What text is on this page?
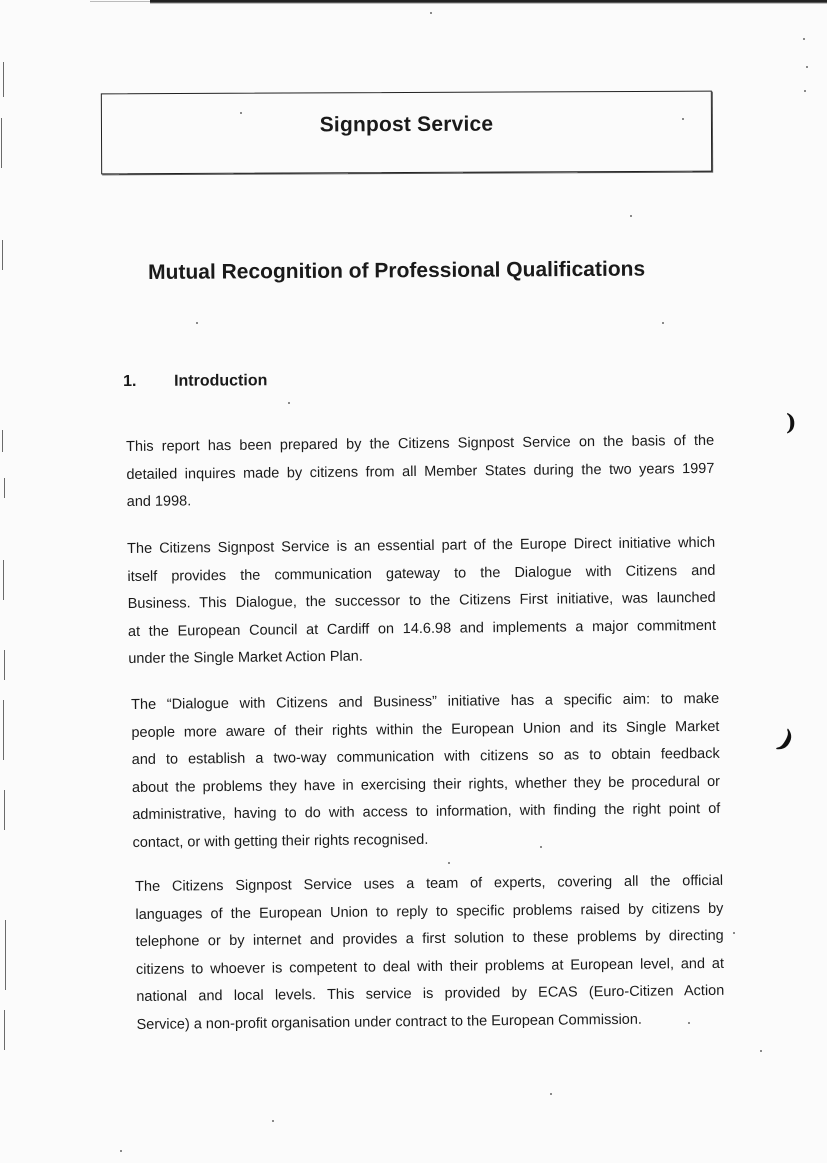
Signpost Service
Mutual Recognition of Professional Qualifications
1. Introduction
This report has been prepared by the Citizens Signpost Service on the basis of the
detailed inquires made by citizens from all Member States during the two years 1997
and 1998.
The Citizens Signpost Service is an essential part of the Europe Direct initiative which
itself provides the communication gateway to the Dialogue with Citizens and
Business. This Dialogue, the successor to the Citizens First initiative, was launched
at the European Council at Cardiff on 14.6.98 and implements a major commitment
under the Single Market Action Plan.
The “Dialogue with Citizens and Business” initiative has a specific aim: to make
people more aware of their rights within the European Union and its Single Market
and to establish a two-way communication with citizens so as to obtain feedback
about the problems they have in exercising their rights, whether they be procedural or
administrative, having to do with access to information, with finding the right point of
contact, or with getting their rights recognised.
The Citizens Signpost Service uses a team of experts, covering all the official
languages of the European Union to reply to specific problems raised by citizens by
telephone or by internet and provides a first solution to these problems by directing
citizens to whoever is competent to deal with their problems at European level, and at
national and local levels. This service is provided by ECAS (Euro-Citizen Action
Service) a non-profit organisation under contract to the European Commission.
)
)
